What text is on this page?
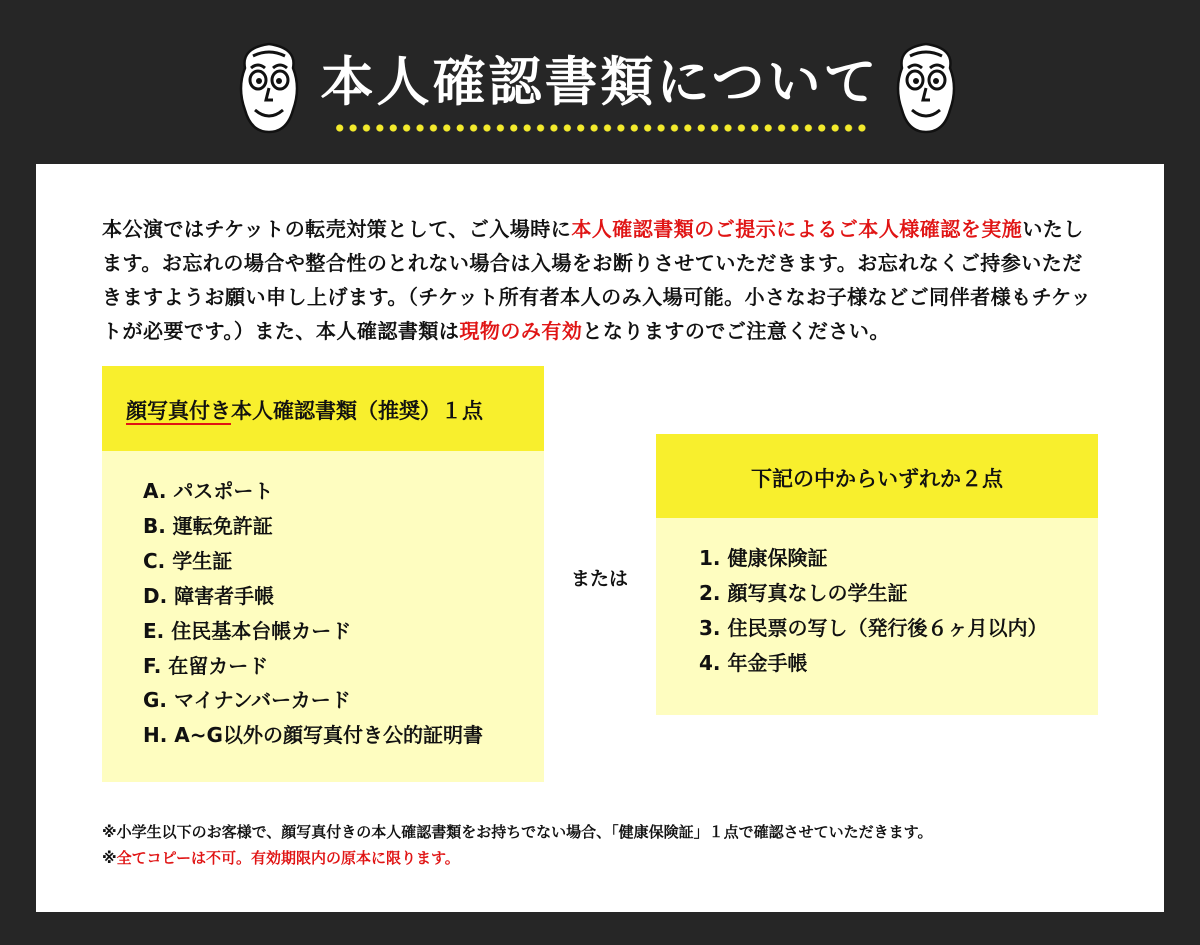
本人確認書類について
本公演ではチケットの転売対策として、ご入場時に本人確認書類のご提示によるご本人様確認を実施いたします。お忘れの場合や整合性のとれない場合は入場をお断りさせていただきます。お忘れなくご持参いただきますようお願い申し上げます。（チケット所有者本人のみ入場可能。小さなお子様などご同伴者様もチケットが必要です。）また、本人確認書類は現物のみ有効となりますのでご注意ください。
顔写真付き本人確認書類（推奨）１点
A. パスポート
B. 運転免許証
C. 学生証
D. 障害者手帳
E. 住民基本台帳カード
F. 在留カード
G. マイナンバーカード
H. A~G以外の顔写真付き公的証明書
または
下記の中からいずれか２点
1. 健康保険証
2. 顔写真なしの学生証
3. 住民票の写し（発行後６ヶ月以内）
4. 年金手帳
※小学生以下のお客様で、顔写真付きの本人確認書類をお持ちでない場合、「健康保険証」１点で確認させていただきます。
※全てコピーは不可。有効期限内の原本に限ります。
